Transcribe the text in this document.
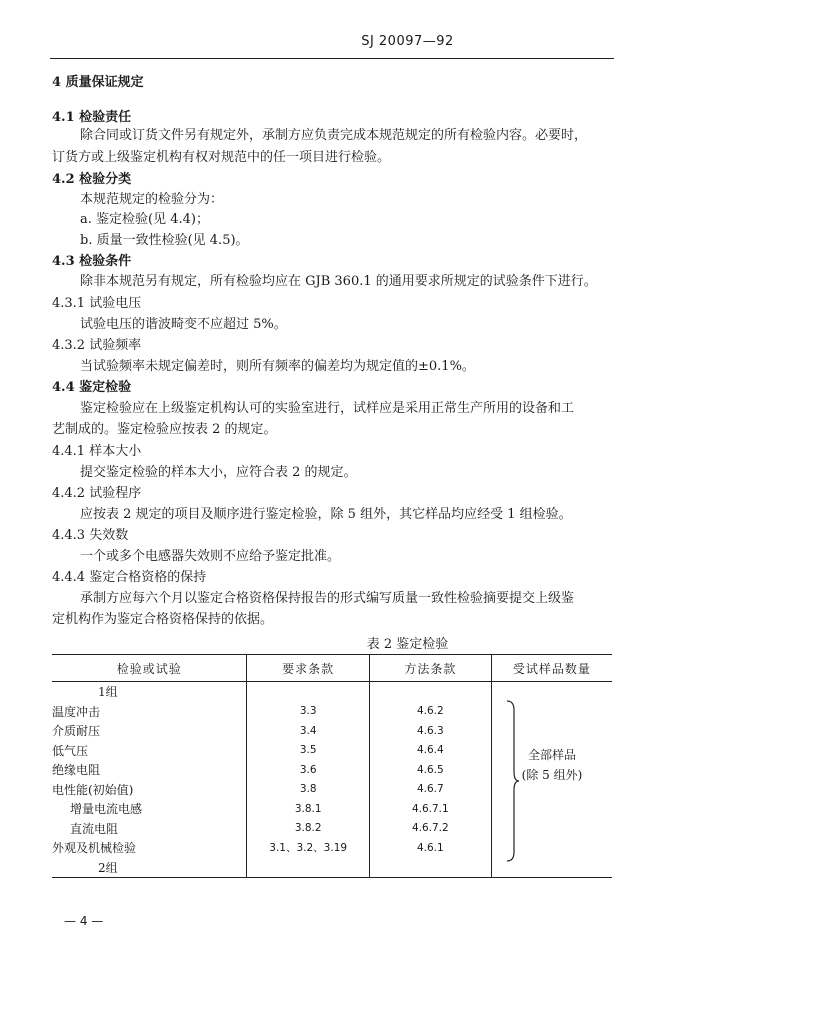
SJ 20097—92
4 质量保证规定
4.1 检验责任
除合同或订货文件另有规定外，承制方应负责完成本规范规定的所有检验内容。必要时，
订货方或上级鉴定机构有权对规范中的任一项目进行检验。
4.2 检验分类
本规范规定的检验分为：
a. 鉴定检验(见 4.4)；
b. 质量一致性检验(见 4.5)。
4.3 检验条件
除非本规范另有规定，所有检验均应在 GJB 360.1 的通用要求所规定的试验条件下进行。
4.3.1 试验电压
试验电压的谐波畸变不应超过 5%。
4.3.2 试验频率
当试验频率未规定偏差时，则所有频率的偏差均为规定值的±0.1%。
4.4 鉴定检验
鉴定检验应在上级鉴定机构认可的实验室进行，试样应是采用正常生产所用的设备和工
艺制成的。鉴定检验应按表 2 的规定。
4.4.1 样本大小
提交鉴定检验的样本大小，应符合表 2 的规定。
4.4.2 试验程序
应按表 2 规定的项目及顺序进行鉴定检验，除 5 组外，其它样品均应经受 1 组检验。
4.4.3 失效数
一个或多个电感器失效则不应给予鉴定批准。
4.4.4 鉴定合格资格的保持
承制方应每六个月以鉴定合格资格保持报告的形式编写质量一致性检验摘要提交上级鉴
定机构作为鉴定合格资格保持的依据。
表 2 鉴定检验
检验或试验	要求条款	方法条款	受试样品数量
1组			
温度冲击	3.3	4.6.2	
介质耐压	3.4	4.6.3	
低气压	3.5	4.6.4	
绝缘电阻	3.6	4.6.5	
电性能(初始值)	3.8	4.6.7	
增量电流电感	3.8.1	4.6.7.1	
直流电阻	3.8.2	4.6.7.2	
外观及机械检验	3.1、3.2、3.19	4.6.1	
2组			
全部样品
(除 5 组外)
— 4 —
